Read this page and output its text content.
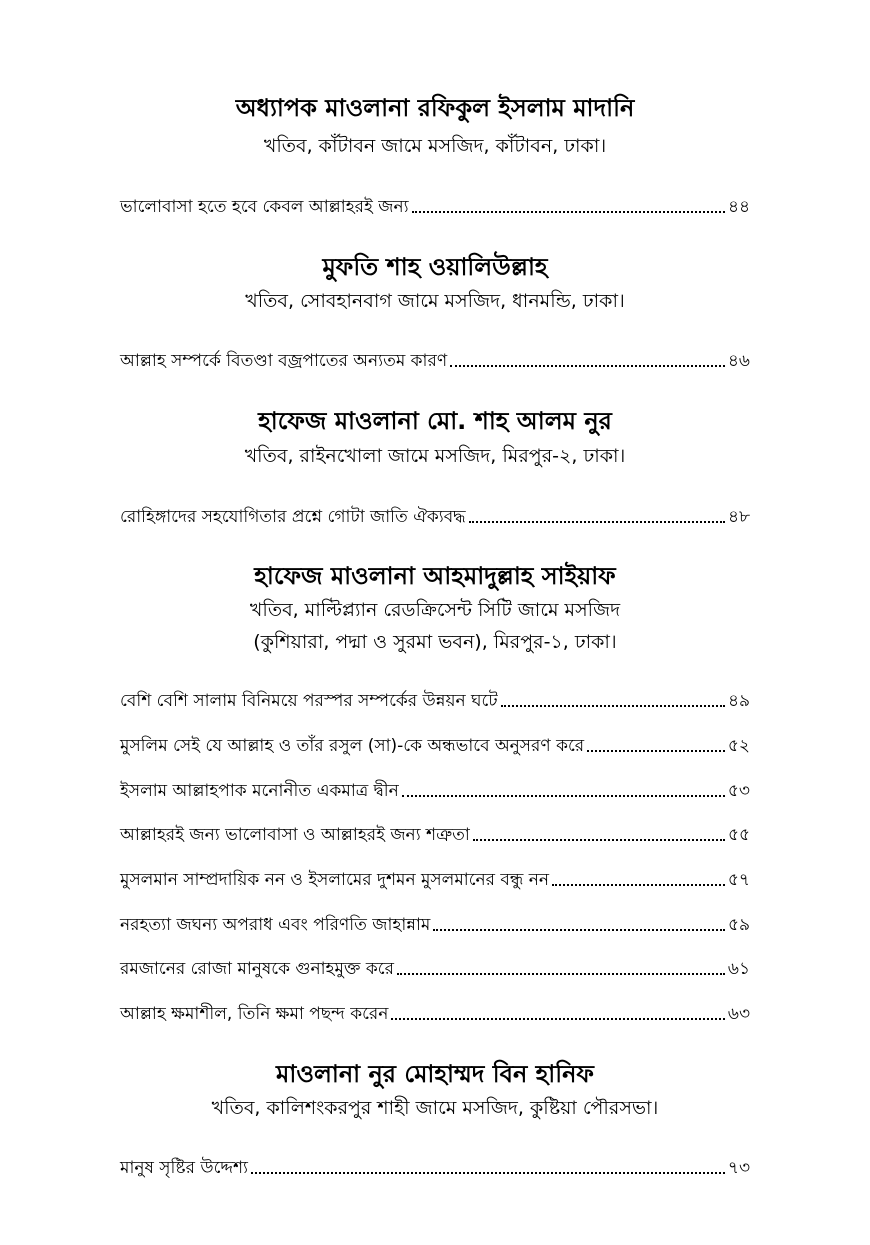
অধ্যাপক মাওলানা রফিকুল ইসলাম মাদানি
খতিব, কাঁটাবন জামে মসজিদ, কাঁটাবন, ঢাকা।
ভালোবাসা হতে হবে কেবল আল্লাহরই জন্য	৪৪
মুফতি শাহ ওয়ালিউল্লাহ
খতিব, সোবহানবাগ জামে মসজিদ, ধানমন্ডি, ঢাকা।
আল্লাহ সম্পর্কে বিতণ্ডা বজ্রপাতের অন্যতম কারণ	৪৬
হাফেজ মাওলানা মো. শাহ আলম নুর
খতিব, রাইনখোলা জামে মসজিদ, মিরপুর-২, ঢাকা।
রোহিঙ্গাদের সহযোগিতার প্রশ্নে গোটা জাতি ঐক্যবদ্ধ	৪৮
হাফেজ মাওলানা আহমাদুল্লাহ সাইয়াফ
খতিব, মাল্টিপ্ল্যান রেডক্রিসেন্ট সিটি জামে মসজিদ
(কুশিয়ারা, পদ্মা ও সুরমা ভবন), মিরপুর-১, ঢাকা।
বেশি বেশি সালাম বিনিময়ে পরস্পর সম্পর্কের উন্নয়ন ঘটে	৪৯
মুসলিম সেই যে আল্লাহ ও তাঁর রসুল (সা)-কে অন্ধভাবে অনুসরণ করে	৫২
ইসলাম আল্লাহপাক মনোনীত একমাত্র দ্বীন	৫৩
আল্লাহরই জন্য ভালোবাসা ও আল্লাহরই জন্য শত্রুতা	৫৫
মুসলমান সাম্প্রদায়িক নন ও ইসলামের দুশমন মুসলমানের বন্ধু নন	৫৭
নরহত্যা জঘন্য অপরাধ এবং পরিণতি জাহান্নাম	৫৯
রমজানের রোজা মানুষকে গুনাহমুক্ত করে	৬১
আল্লাহ ক্ষমাশীল, তিনি ক্ষমা পছন্দ করেন	৬৩
মাওলানা নুর মোহাম্মদ বিন হানিফ
খতিব, কালিশংকরপুর শাহী জামে মসজিদ, কুষ্টিয়া পৌরসভা।
মানুষ সৃষ্টির উদ্দেশ্য	৭৩
